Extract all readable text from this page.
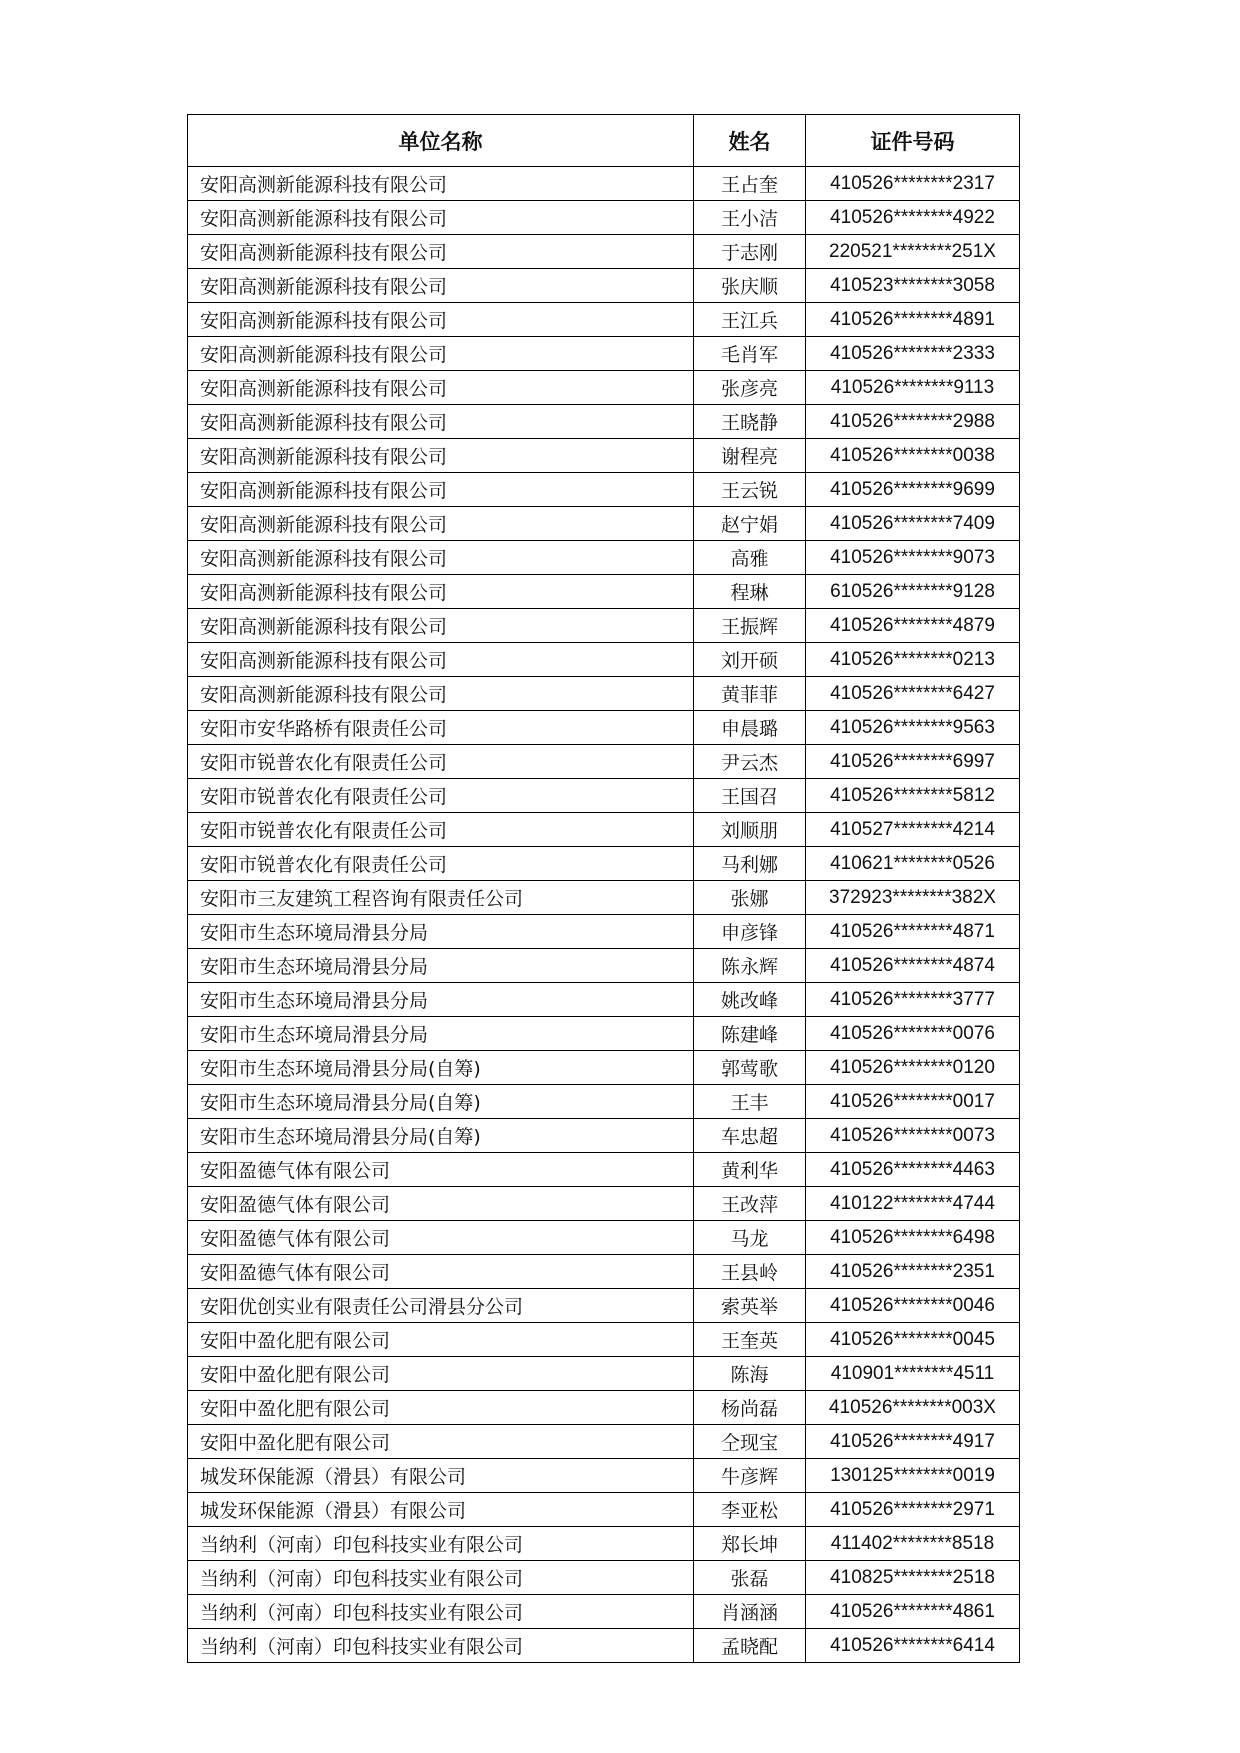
单位名称	姓名	证件号码
安阳高测新能源科技有限公司	王占奎	410526********2317
安阳高测新能源科技有限公司	王小洁	410526********4922
安阳高测新能源科技有限公司	于志刚	220521********251X
安阳高测新能源科技有限公司	张庆顺	410523********3058
安阳高测新能源科技有限公司	王江兵	410526********4891
安阳高测新能源科技有限公司	毛肖军	410526********2333
安阳高测新能源科技有限公司	张彦亮	410526********9113
安阳高测新能源科技有限公司	王晓静	410526********2988
安阳高测新能源科技有限公司	谢程亮	410526********0038
安阳高测新能源科技有限公司	王云锐	410526********9699
安阳高测新能源科技有限公司	赵宁娟	410526********7409
安阳高测新能源科技有限公司	高雅	410526********9073
安阳高测新能源科技有限公司	程琳	610526********9128
安阳高测新能源科技有限公司	王振辉	410526********4879
安阳高测新能源科技有限公司	刘开硕	410526********0213
安阳高测新能源科技有限公司	黄菲菲	410526********6427
安阳市安华路桥有限责任公司	申晨璐	410526********9563
安阳市锐普农化有限责任公司	尹云杰	410526********6997
安阳市锐普农化有限责任公司	王国召	410526********5812
安阳市锐普农化有限责任公司	刘顺朋	410527********4214
安阳市锐普农化有限责任公司	马利娜	410621********0526
安阳市三友建筑工程咨询有限责任公司	张娜	372923********382X
安阳市生态环境局滑县分局	申彦锋	410526********4871
安阳市生态环境局滑县分局	陈永辉	410526********4874
安阳市生态环境局滑县分局	姚改峰	410526********3777
安阳市生态环境局滑县分局	陈建峰	410526********0076
安阳市生态环境局滑县分局(自筹)	郭莺歌	410526********0120
安阳市生态环境局滑县分局(自筹)	王丰	410526********0017
安阳市生态环境局滑县分局(自筹)	车忠超	410526********0073
安阳盈德气体有限公司	黄利华	410526********4463
安阳盈德气体有限公司	王改萍	410122********4744
安阳盈德气体有限公司	马龙	410526********6498
安阳盈德气体有限公司	王县岭	410526********2351
安阳优创实业有限责任公司滑县分公司	索英举	410526********0046
安阳中盈化肥有限公司	王奎英	410526********0045
安阳中盈化肥有限公司	陈海	410901********4511
安阳中盈化肥有限公司	杨尚磊	410526********003X
安阳中盈化肥有限公司	仝现宝	410526********4917
城发环保能源（滑县）有限公司	牛彦辉	130125********0019
城发环保能源（滑县）有限公司	李亚松	410526********2971
当纳利（河南）印包科技实业有限公司	郑长坤	411402********8518
当纳利（河南）印包科技实业有限公司	张磊	410825********2518
当纳利（河南）印包科技实业有限公司	肖涵涵	410526********4861
当纳利（河南）印包科技实业有限公司	孟晓配	410526********6414
